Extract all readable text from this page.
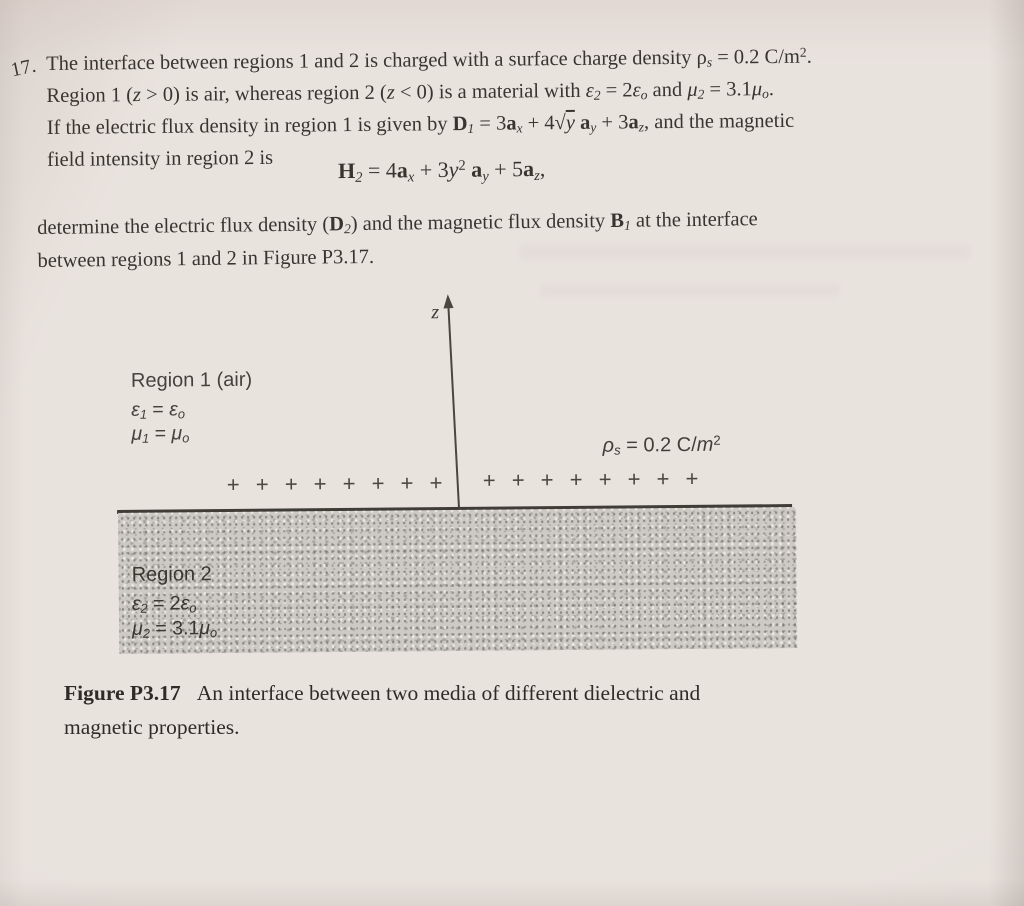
17. The interface between regions 1 and 2 is charged with a surface charge density $\rho_s = 0.2$ $C/m^2$.
Region 1 (z > 0) is air, whereas region 2 (z < 0) is a material with $\varepsilon_2 = 2\varepsilon_o$ and $\mu_2 = 3.1\mu_o$.
If the electric flux density in region 1 is given by $D_1 = 3a_x + 4√y$ $a_y + 3a_z$, and the magnetic
field intensity in region 2 is	$H_2 = 4a_x + 3y^2$ $a_y + 5a_z$,
determine the electric flux density $(D_2)$ and the magnetic flux density $B_1$ at the interface
between regions 1 and 2 in Figure P3.17.
z
Region 1 (air)
$\varepsilon_1 = \varepsilon_o$
$\mu_1 = \mu_o$	$\rho_s = 0.2$ $C/m^2$
+ + + + + + + + + + + + + + + +
Region 2
$\varepsilon_2 = 2\varepsilon_o$
$\mu_2 = 3.1\mu_o$
Figure P3.17   An interface between two media of different dielectric and
magnetic properties.
